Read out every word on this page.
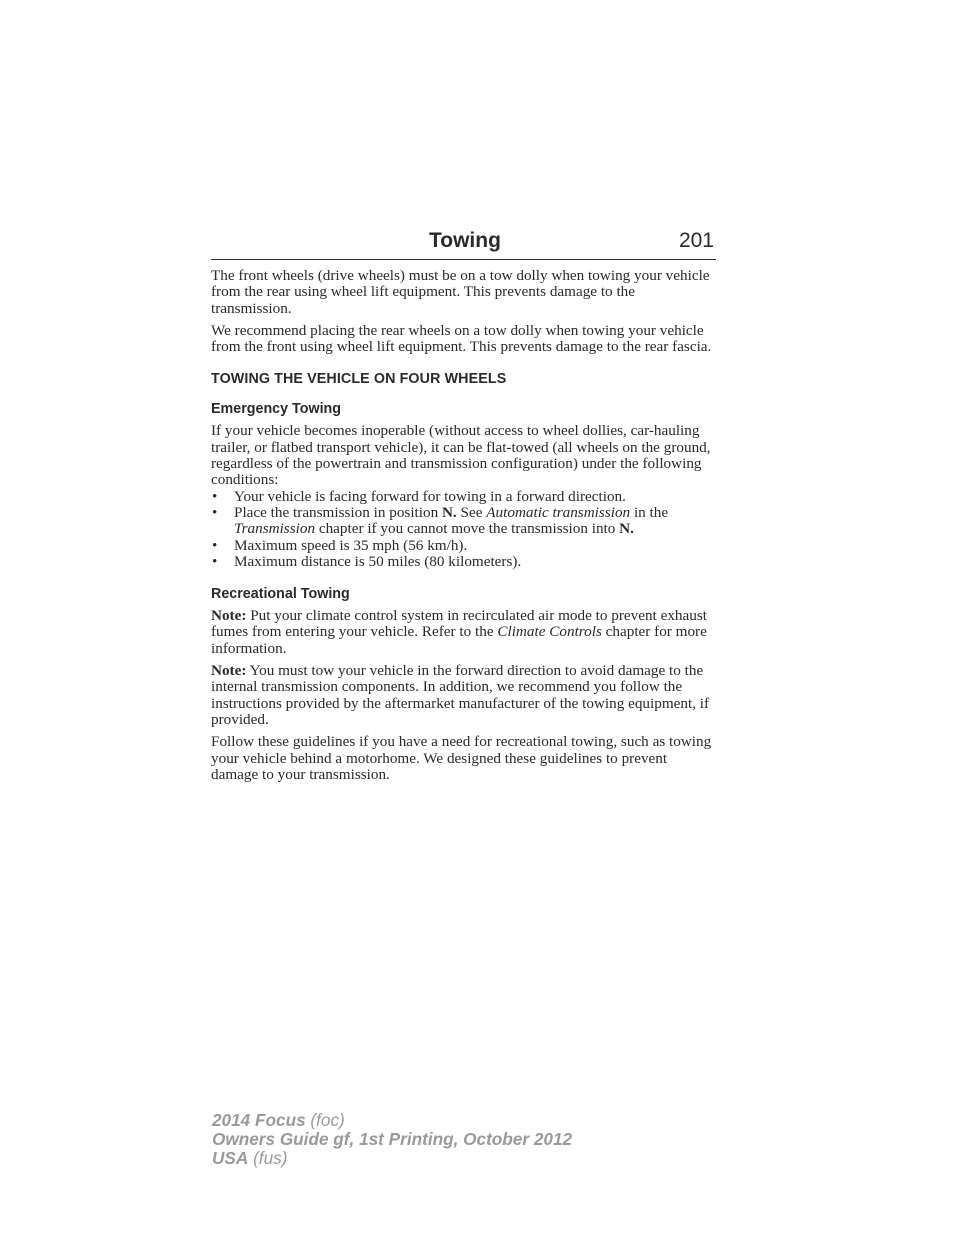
Towing	201

The front wheels (drive wheels) must be on a tow dolly when towing your vehicle from the rear using wheel lift equipment. This prevents damage to the transmission.

We recommend placing the rear wheels on a tow dolly when towing your vehicle from the front using wheel lift equipment. This prevents damage to the rear fascia.

TOWING THE VEHICLE ON FOUR WHEELS
Emergency Towing

If your vehicle becomes inoperable (without access to wheel dollies, car-hauling trailer, or flatbed transport vehicle), it can be flat-towed (all wheels on the ground, regardless of the powertrain and transmission configuration) under the following conditions:

• Your vehicle is facing forward for towing in a forward direction.
• Place the transmission in position N. See Automatic transmission in the Transmission chapter if you cannot move the transmission into N.
• Maximum speed is 35 mph (56 km/h).
• Maximum distance is 50 miles (80 kilometers).
Recreational Towing

Note: Put your climate control system in recirculated air mode to prevent exhaust fumes from entering your vehicle. Refer to the Climate Controls chapter for more information.

Note: You must tow your vehicle in the forward direction to avoid damage to the internal transmission components. In addition, we recommend you follow the instructions provided by the aftermarket manufacturer of the towing equipment, if provided.

Follow these guidelines if you have a need for recreational towing, such as towing your vehicle behind a motorhome. We designed these guidelines to prevent damage to your transmission.

2014 Focus (foc)
Owners Guide gf, 1st Printing, October 2012
USA (fus)
